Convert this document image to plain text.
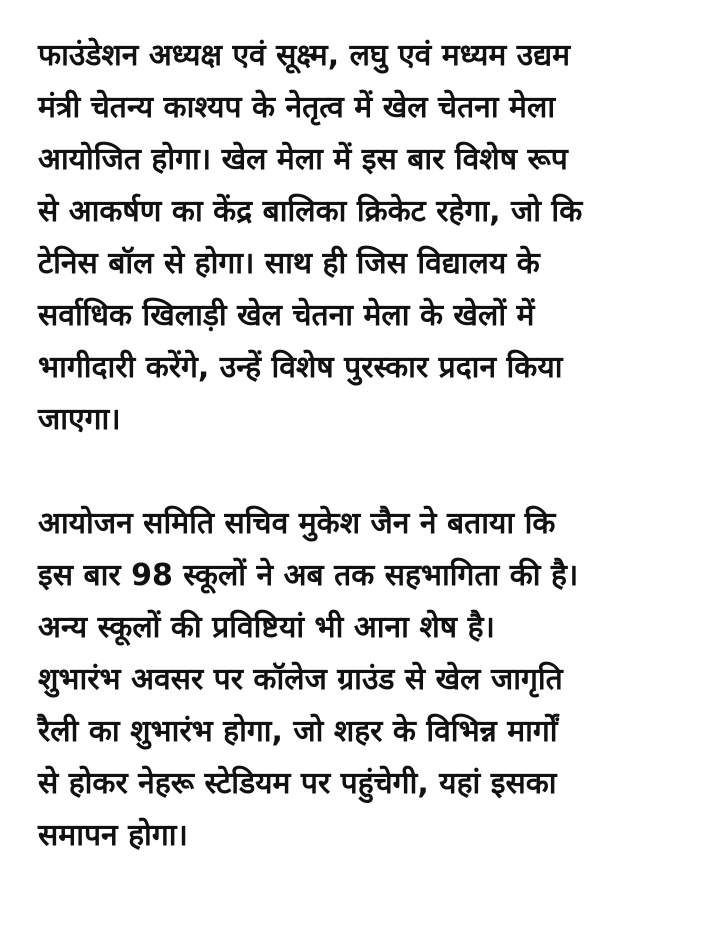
फाउंडेशन अध्यक्ष एवं सूक्ष्म, लघु एवं मध्यम उद्यम
मंत्री चेतन्य काश्यप के नेतृत्व में खेल चेतना मेला
आयोजित होगा। खेल मेला में इस बार विशेष रूप
से आकर्षण का केंद्र बालिका क्रिकेट रहेगा, जो कि
टेनिस बॉल से होगा। साथ ही जिस विद्यालय के
सर्वाधिक खिलाड़ी खेल चेतना मेला के खेलों में
भागीदारी करेंगे, उन्हें विशेष पुरस्कार प्रदान किया
जाएगा।
आयोजन समिति सचिव मुकेश जैन ने बताया कि
इस बार 98 स्कूलों ने अब तक सहभागिता की है।
अन्य स्कूलों की प्रविष्टियां भी आना शेष है।
शुभारंभ अवसर पर कॉलेज ग्राउंड से खेल जागृति
रैली का शुभारंभ होगा, जो शहर के विभिन्न मार्गों
से होकर नेहरू स्टेडियम पर पहुंचेगी, यहां इसका
समापन होगा।
